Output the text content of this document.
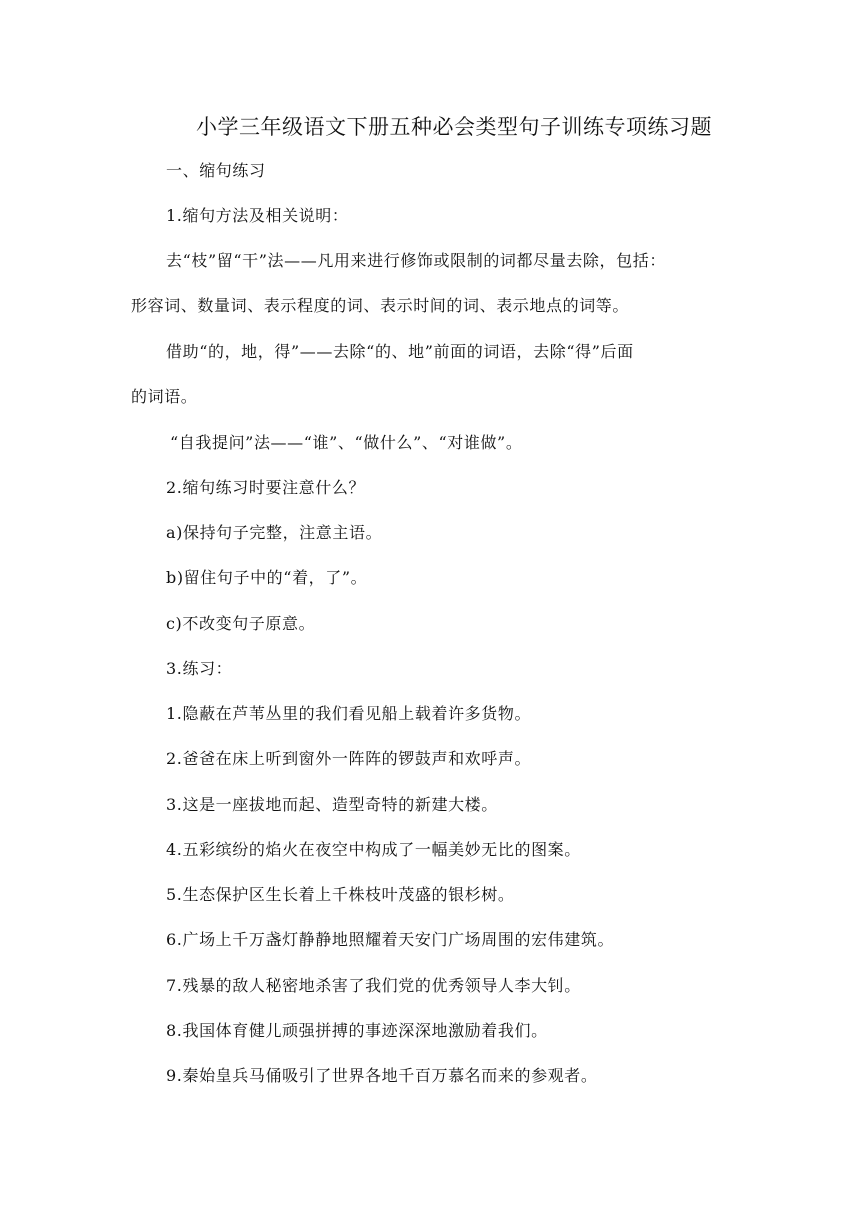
小学三年级语文下册五种必会类型句子训练专项练习题
一、缩句练习
1.缩句方法及相关说明：
去“枝”留“干”法——凡用来进行修饰或限制的词都尽量去除，包括：
形容词、数量词、表示程度的词、表示时间的词、表示地点的词等。
借助“的，地，得”——去除“的、地”前面的词语，去除“得”后面
的词语。
“自我提问”法——“谁”、“做什么”、“对谁做”。
2.缩句练习时要注意什么？
a)保持句子完整，注意主语。
b)留住句子中的“着，了”。
c)不改变句子原意。
3.练习：
1.隐蔽在芦苇丛里的我们看见船上载着许多货物。
2.爸爸在床上听到窗外一阵阵的锣鼓声和欢呼声。
3.这是一座拔地而起、造型奇特的新建大楼。
4.五彩缤纷的焰火在夜空中构成了一幅美妙无比的图案。
5.生态保护区生长着上千株枝叶茂盛的银杉树。
6.广场上千万盏灯静静地照耀着天安门广场周围的宏伟建筑。
7.残暴的敌人秘密地杀害了我们党的优秀领导人李大钊。
8.我国体育健儿顽强拼搏的事迹深深地激励着我们。
9.秦始皇兵马俑吸引了世界各地千百万慕名而来的参观者。
